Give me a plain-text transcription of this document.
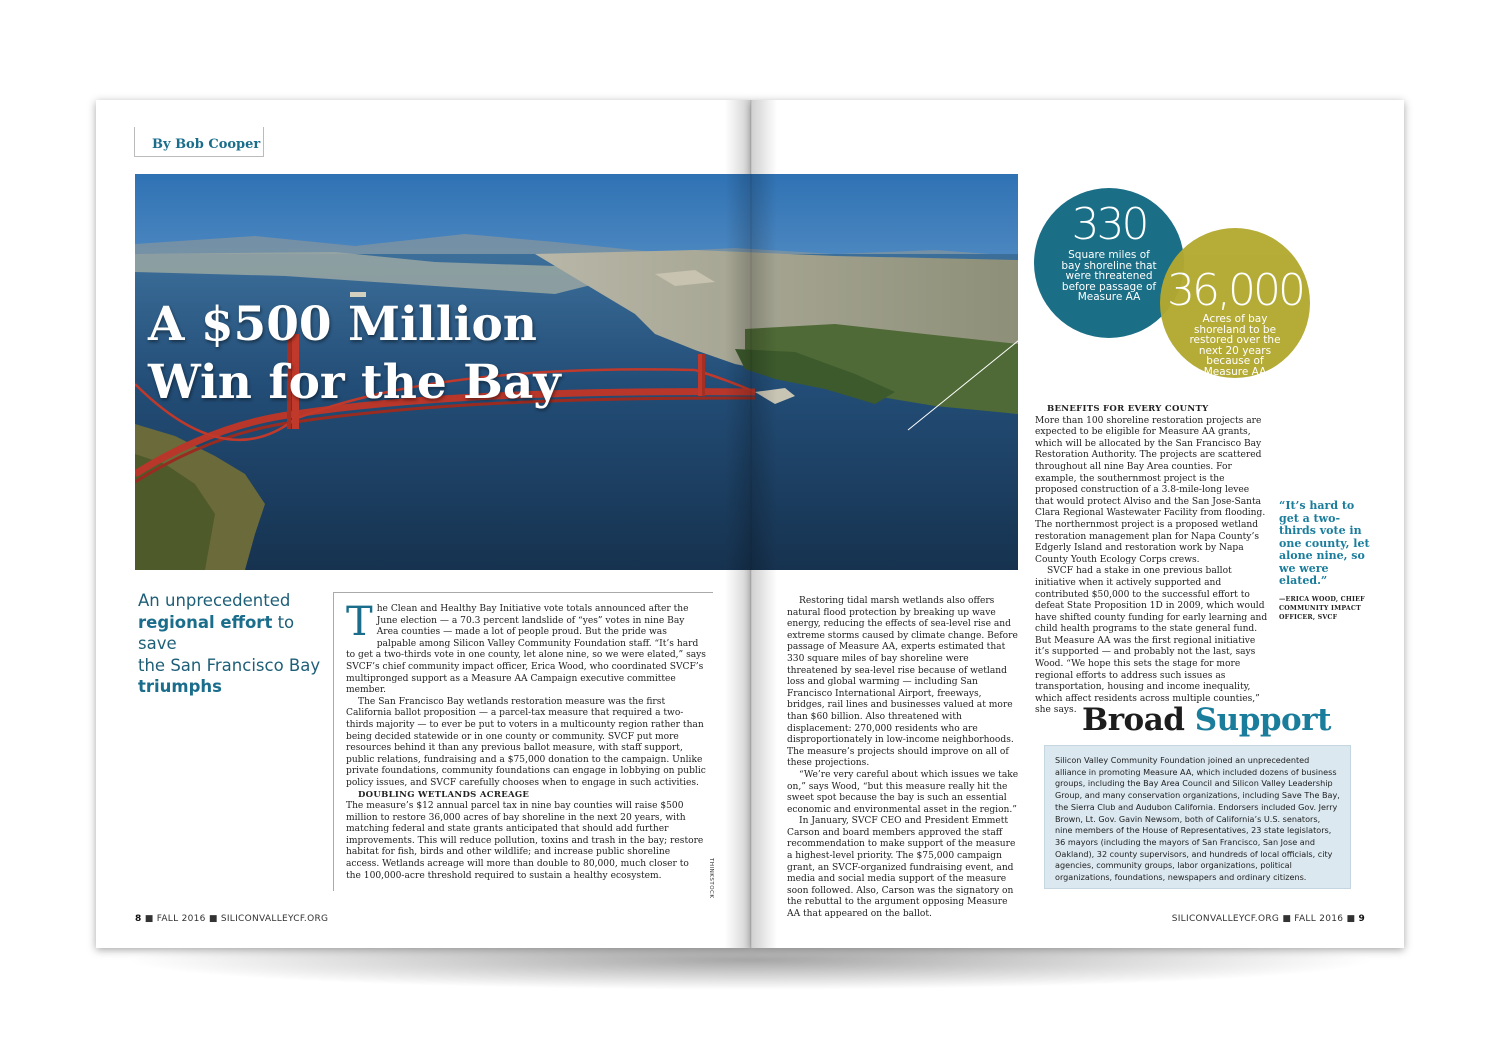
By Bob Cooper
A $500 Million
Win for the Bay
An unprecedented
regional effort to save
the San Francisco Bay
triumphs

The Clean and Healthy Bay Initiative vote totals announced after the June election — a 70.3 percent landslide of “yes” votes in nine Bay Area counties — made a lot of people proud. But the pride was palpable among Silicon Valley Community Foundation staff. “It’s hard to get a two-thirds vote in one county, let alone nine, so we were elated,” says SVCF’s chief community impact officer, Erica Wood, who coordinated SVCF’s multipronged support as a Measure AA Campaign executive committee member.

The San Francisco Bay wetlands restoration measure was the first California ballot proposition — a parcel-tax measure that required a two-thirds majority — to ever be put to voters in a multicounty region rather than being decided statewide or in one county or community. SVCF put more resources behind it than any previous ballot measure, with staff support, public relations, fundraising and a $75,000 donation to the campaign. Unlike private foundations, community foundations can engage in lobbying on public policy issues, and SVCF carefully chooses when to engage in such activities.

DOUBLING WETLANDS ACREAGE

The measure’s $12 annual parcel tax in nine bay counties will raise $500 million to restore 36,000 acres of bay shoreline in the next 20 years, with matching federal and state grants anticipated that should add further improvements. This will reduce pollution, toxins and trash in the bay; restore habitat for fish, birds and other wildlife; and increase public shoreline access. Wetlands acreage will more than double to 80,000, much closer to the 100,000-acre threshold required to sustain a healthy ecosystem.	THINKSTOCK

Restoring tidal marsh wetlands also offers natural flood protection by breaking up wave energy, reducing the effects of sea-level rise and extreme storms caused by climate change. Before passage of Measure AA, experts estimated that 330 square miles of bay shoreline were threatened by sea-level rise because of wetland loss and global warming — including San Francisco International Airport, freeways, bridges, rail lines and businesses valued at more than $60 billion. Also threatened with displacement: 270,000 residents who are disproportionately in low-income neighborhoods. The measure’s projects should improve on all of these projections.

“We’re very careful about which issues we take on,” says Wood, “but this measure really hit the sweet spot because the bay is such an essential economic and environmental asset in the region.”

In January, SVCF CEO and President Emmett Carson and board members approved the staff recommendation to make support of the measure a highest-level priority. The $75,000 campaign grant, an SVCF-organized fundraising event, and media and social media support of the measure soon followed. Also, Carson was the signatory on the rebuttal to the argument opposing Measure AA that appeared on the ballot.

BENEFITS FOR EVERY COUNTY

More than 100 shoreline restoration projects are expected to be eligible for Measure AA grants, which will be allocated by the San Francisco Bay Restoration Authority. The projects are scattered throughout all nine Bay Area counties. For example, the southernmost project is the proposed construction of a 3.8-mile-long levee that would protect Alviso and the San Jose-Santa Clara Regional Wastewater Facility from flooding. The northernmost project is a proposed wetland restoration management plan for Napa County’s Edgerly Island and restoration work by Napa County Youth Ecology Corps crews.

SVCF had a stake in one previous ballot initiative when it actively supported and contributed $50,000 to the successful effort to defeat State Proposition 1D in 2009, which would have shifted county funding for early learning and child health programs to the state general fund. But Measure AA was the first regional initiative it’s supported — and probably not the last, says Wood. “We hope this sets the stage for more regional efforts to address such issues as transportation, housing and income inequality, which affect residents across multiple counties,” she says.

“It’s hard to get a two-thirds vote in one county, let alone nine, so we were elated.”

—ERICA WOOD, CHIEF COMMUNITY IMPACT OFFICER, SVCF
330
Square miles of bay shoreline that were threatened before passage of Measure AA 36,000
Acres of bay shoreland to be restored over the next 20 years because of Measure AA
Broad Support

Silicon Valley Community Foundation joined an unprecedented alliance in promoting Measure AA, which included dozens of business groups, including the Bay Area Council and Silicon Valley Leadership Group, and many conservation organizations, including Save The Bay, the Sierra Club and Audubon California. Endorsers included Gov. Jerry Brown, Lt. Gov. Gavin Newsom, both of California’s U.S. senators, nine members of the House of Representatives, 23 state legislators, 36 mayors (including the mayors of San Francisco, San Jose and Oakland), 32 county supervisors, and hundreds of local officials, city agencies, community groups, labor organizations, political organizations, foundations, newspapers and ordinary citizens.

8 ■ FALL 2016 ■ SILICONVALLEYCF.ORG	SILICONVALLEYCF.ORG ■ FALL 2016 ■ 9
